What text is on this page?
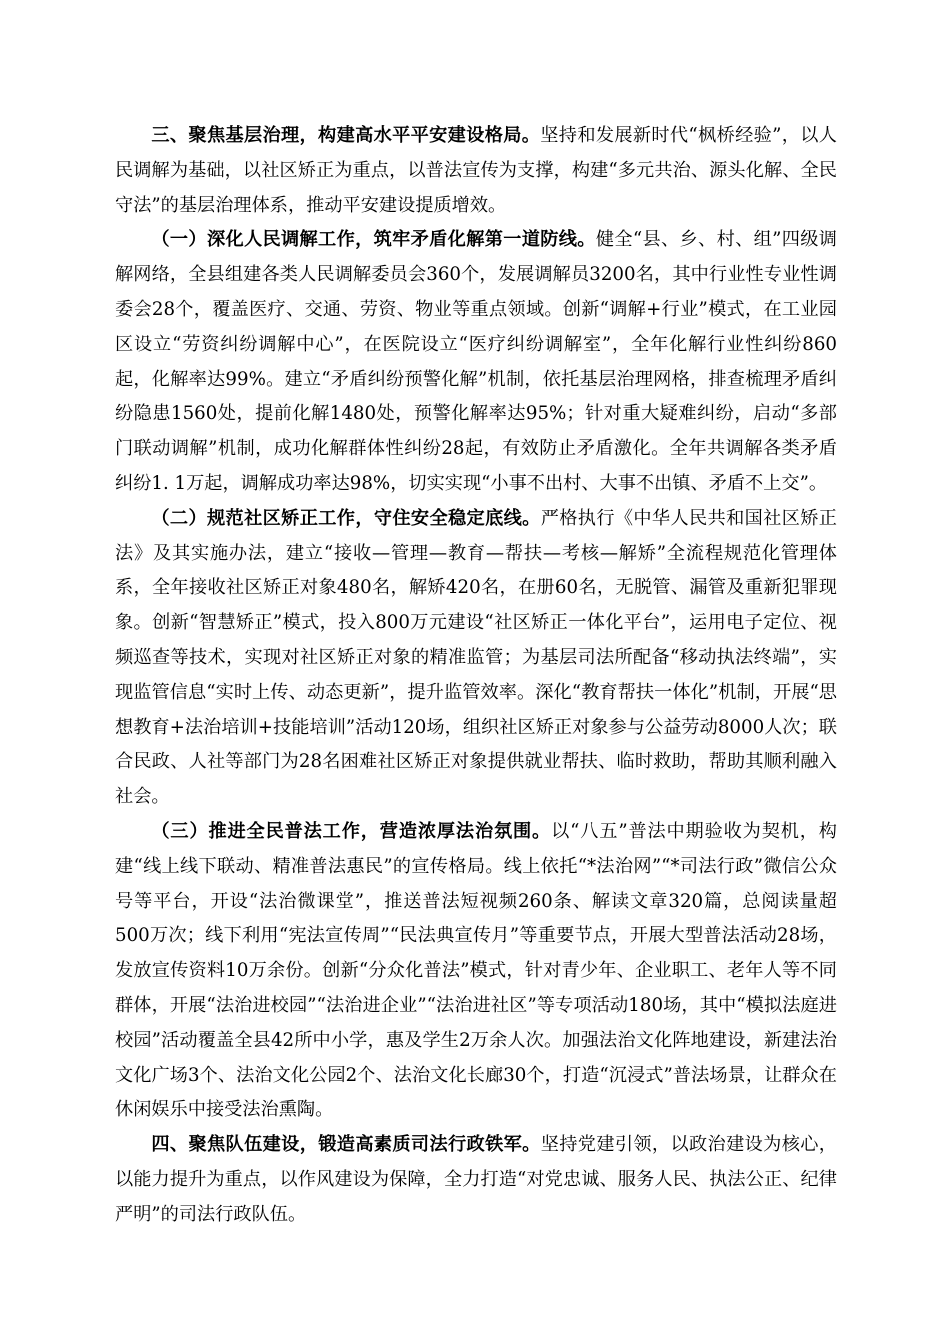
三、聚焦基层治理，构建高水平平安建设格局。坚持和发展新时代“枫桥经验”，以人民调解为基础，以社区矫正为重点，以普法宣传为支撑，构建“多元共治、源头化解、全民守法”的基层治理体系，推动平安建设提质增效。

（一）深化人民调解工作，筑牢矛盾化解第一道防线。健全“县、乡、村、组”四级调解网络，全县组建各类人民调解委员会360个，发展调解员3200名，其中行业性专业性调委会28个，覆盖医疗、交通、劳资、物业等重点领域。创新“调解+行业”模式，在工业园区设立“劳资纠纷调解中心”，在医院设立“医疗纠纷调解室”，全年化解行业性纠纷860起，化解率达99%。建立“矛盾纠纷预警化解”机制，依托基层治理网格，排查梳理矛盾纠纷隐患1560处，提前化解1480处，预警化解率达95%；针对重大疑难纠纷，启动“多部门联动调解”机制，成功化解群体性纠纷28起，有效防止矛盾激化。全年共调解各类矛盾纠纷1. 1万起，调解成功率达98%，切实实现“小事不出村、大事不出镇、矛盾不上交”。

（二）规范社区矫正工作，守住安全稳定底线。严格执行《中华人民共和国社区矫正法》及其实施办法，建立“接收—管理—教育—帮扶—考核—解矫”全流程规范化管理体系，全年接收社区矫正对象480名，解矫420名，在册60名，无脱管、漏管及重新犯罪现象。创新“智慧矫正”模式，投入800万元建设“社区矫正一体化平台”，运用电子定位、视频巡查等技术，实现对社区矫正对象的精准监管；为基层司法所配备“移动执法终端”，实现监管信息“实时上传、动态更新”，提升监管效率。深化“教育帮扶一体化”机制，开展“思想教育+法治培训+技能培训”活动120场，组织社区矫正对象参与公益劳动8000人次；联合民政、人社等部门为28名困难社区矫正对象提供就业帮扶、临时救助，帮助其顺利融入社会。

（三）推进全民普法工作，营造浓厚法治氛围。以“八五”普法中期验收为契机，构建“线上线下联动、精准普法惠民”的宣传格局。线上依托“*法治网”“*司法行政”微信公众号等平台，开设“法治微课堂”，推送普法短视频260条、解读文章320篇，总阅读量超500万次；线下利用“宪法宣传周”“民法典宣传月”等重要节点，开展大型普法活动28场，发放宣传资料10万余份。创新“分众化普法”模式，针对青少年、企业职工、老年人等不同群体，开展“法治进校园”“法治进企业”“法治进社区”等专项活动180场，其中“模拟法庭进校园”活动覆盖全县42所中小学，惠及学生2万余人次。加强法治文化阵地建设，新建法治文化广场3个、法治文化公园2个、法治文化长廊30个，打造“沉浸式”普法场景，让群众在休闲娱乐中接受法治熏陶。

四、聚焦队伍建设，锻造高素质司法行政铁军。坚持党建引领，以政治建设为核心，以能力提升为重点，以作风建设为保障，全力打造“对党忠诚、服务人民、执法公正、纪律严明”的司法行政队伍。
